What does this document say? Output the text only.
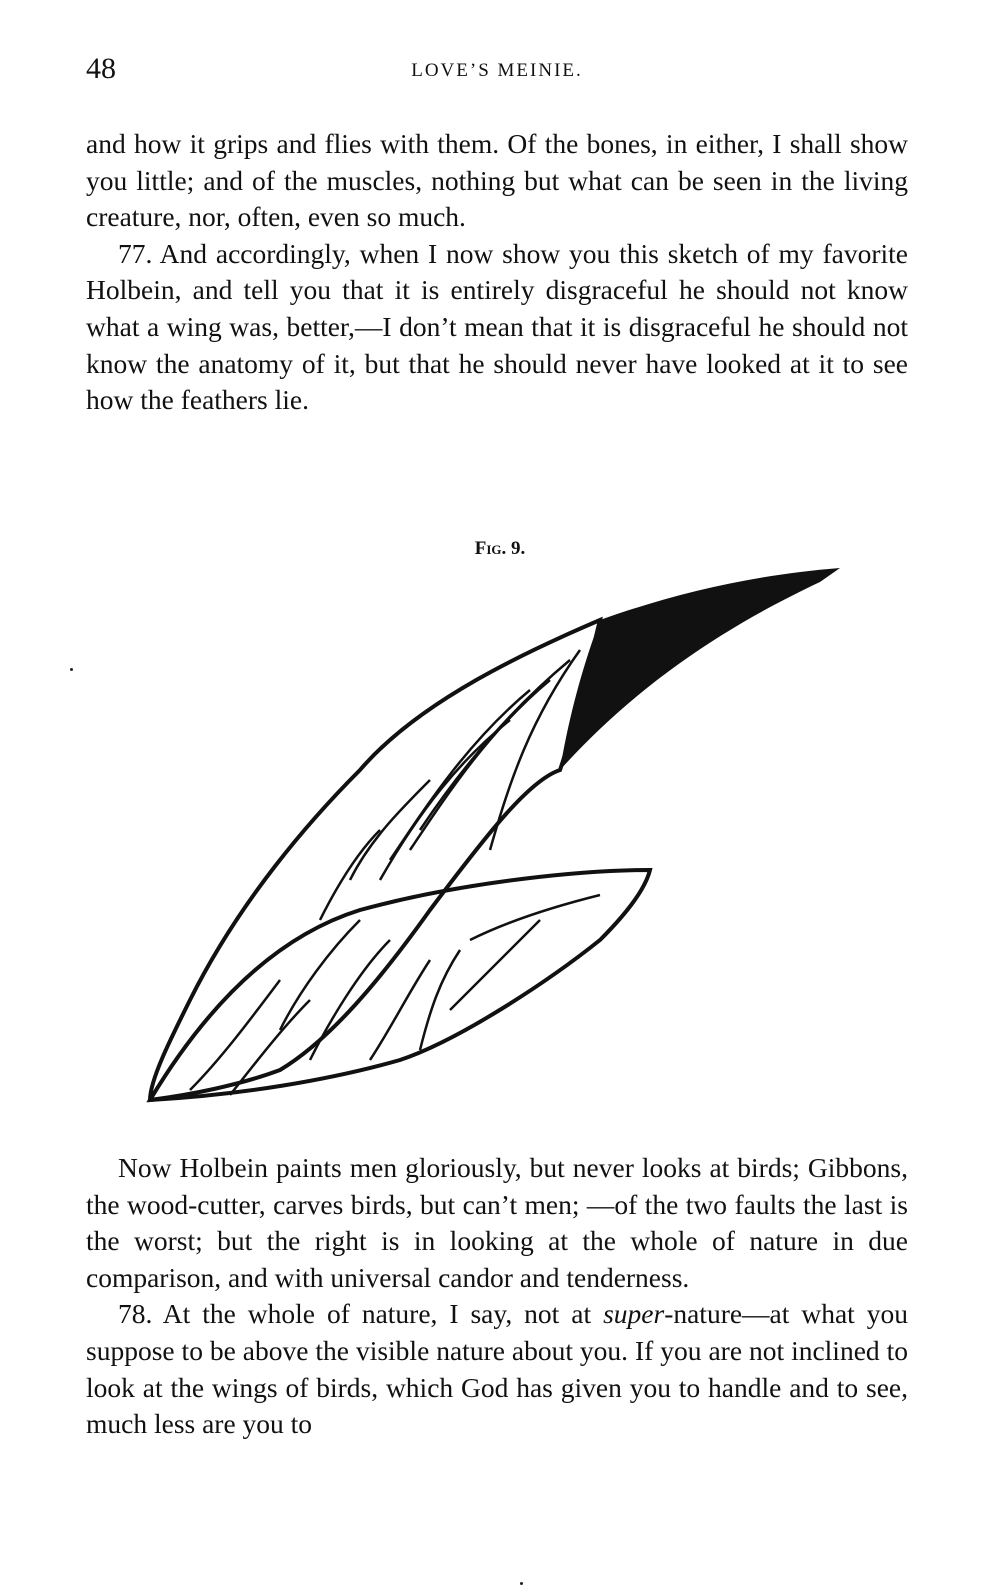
48	LOVE’S MEINIE.

and how it grips and flies with them. Of the bones, in either, I shall show you little; and of the muscles, nothing but what can be seen in the living creature, nor, often, even so much.

77. And accordingly, when I now show you this sketch of my favorite Holbein, and tell you that it is entirely disgraceful he should not know what a wing was, better,—I don’t mean that it is disgraceful he should not know the anatomy of it, but that he should never have looked at it to see how the feathers lie.

Fig. 9.

Now Holbein paints men gloriously, but never looks at birds; Gibbons, the wood-cutter, carves birds, but can’t men; —of the two faults the last is the worst; but the right is in looking at the whole of nature in due comparison, and with universal candor and tenderness.

78. At the whole of nature, I say, not at super-nature—at what you suppose to be above the visible nature about you. If you are not inclined to look at the wings of birds, which God has given you to handle and to see, much less are you to
